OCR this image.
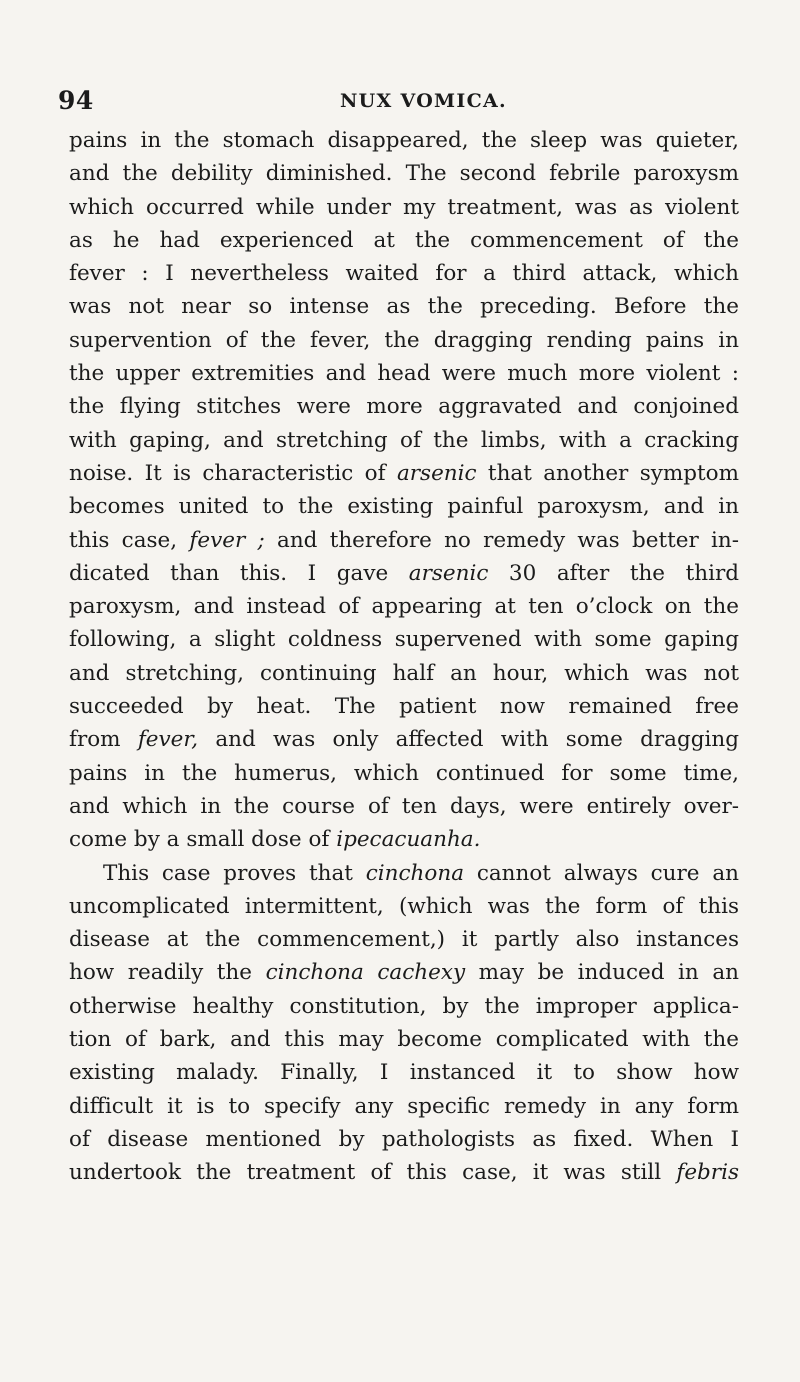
94	NUX VOMICA.
pains in the stomach disappeared, the sleep was quieter,
and the debility diminished. The second febrile paroxysm
which occurred while under my treatment, was as violent
as he had experienced at the commencement of the
fever : I nevertheless waited for a third attack, which
was not near so intense as the preceding. Before the
supervention of the fever, the dragging rending pains in
the upper extremities and head were much more violent :
the flying stitches were more aggravated and conjoined
with gaping, and stretching of the limbs, with a cracking
noise. It is characteristic of arsenic that another symptom
becomes united to the existing painful paroxysm, and in
this case, fever ; and therefore no remedy was better in-
dicated than this. I gave arsenic 30 after the third
paroxysm, and instead of appearing at ten o’clock on the
following, a slight coldness supervened with some gaping
and stretching, continuing half an hour, which was not
succeeded by heat. The patient now remained free
from fever, and was only affected with some dragging
pains in the humerus, which continued for some time,
and which in the course of ten days, were entirely over-
come by a small dose of ipecacuanha.
This case proves that cinchona cannot always cure an
uncomplicated intermittent, (which was the form of this
disease at the commencement,) it partly also instances
how readily the cinchona cachexy may be induced in an
otherwise healthy constitution, by the improper applica-
tion of bark, and this may become complicated with the
existing malady. Finally, I instanced it to show how
difficult it is to specify any specific remedy in any form
of disease mentioned by pathologists as fixed. When I
undertook the treatment of this case, it was still febris
